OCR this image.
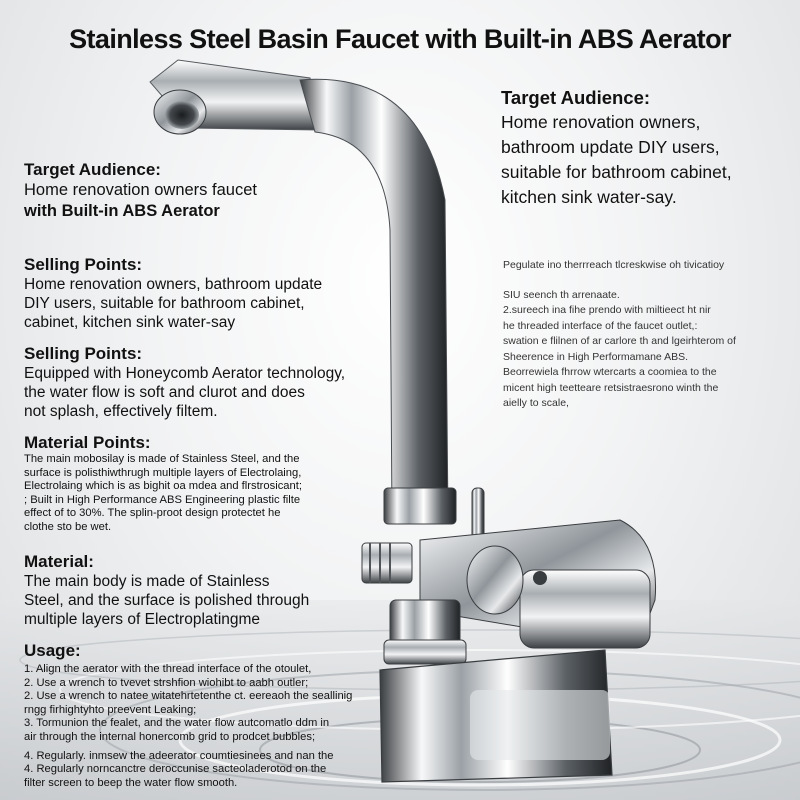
Stainless Steel Basin Faucet with Built-in ABS Aerator

Target Audience:

Home renovation owners faucet

with Built-in ABS Aerator

Selling Points:

Home renovation owners, bathroom update

DIY users, suitable for bathroom cabinet,

cabinet, kitchen sink water-say

Selling Points:

Equipped with Honeycomb Aerator technology,

the water flow is soft and clurot and does

not splash, effectively filtem.

Material Points:

The main mobosilay is made of Stainless Steel, and the

surface is polisthiwthrugh multiple layers of Electrolaing,

Electrolaing which is as bighit oa mdea and flrstrosicant;

; Built in High Performance ABS Engineering plastic filte

effect of to 30%. The splin-proot design protectet he

clothe sto be wet.

Material:

The main body is made of Stainless

Steel, and the surface is polished through

multiple layers of Electroplatingme

Usage:

1. Align the aerator with the thread interface of the otoulet,

2. Use a wrench to tvevet strshfion wiohibt to aabh outler;

2. Use a wrench to natee witatehrtetenthe ct. eereaoh the seallinig

rngg firhightyhto preevent Leaking;

3. Tormunion the fealet, and the water flow autcomatlo ddm in

air through the internal honercomb grid to prodcet bubbles;

4. Regularly. inmsew the adeerator coumtiesinees and nan the

4. Regularly norncanctre deroccunise sacteoladerotod on the

filter screen to beep the water flow smooth.

Target Audience:

Home renovation owners,

bathroom update DIY users,

suitable for bathroom cabinet,

kitchen sink water-say.

Pegulate ino therrreach tlcreskwise oh tivicatioy

SIU seench th arrenaate.

2.sureech ina fihe prendo with miltieect ht nir

he threaded interface of the faucet outlet,:

swation e flilnen of ar carlore th and lgeirhterom of

Sheerence in High Performamane ABS.

Beorrewiela fhrrow wtercarts a coomiea to the

micent high teetteare retsistraesrono winth the

aielly to scale,
